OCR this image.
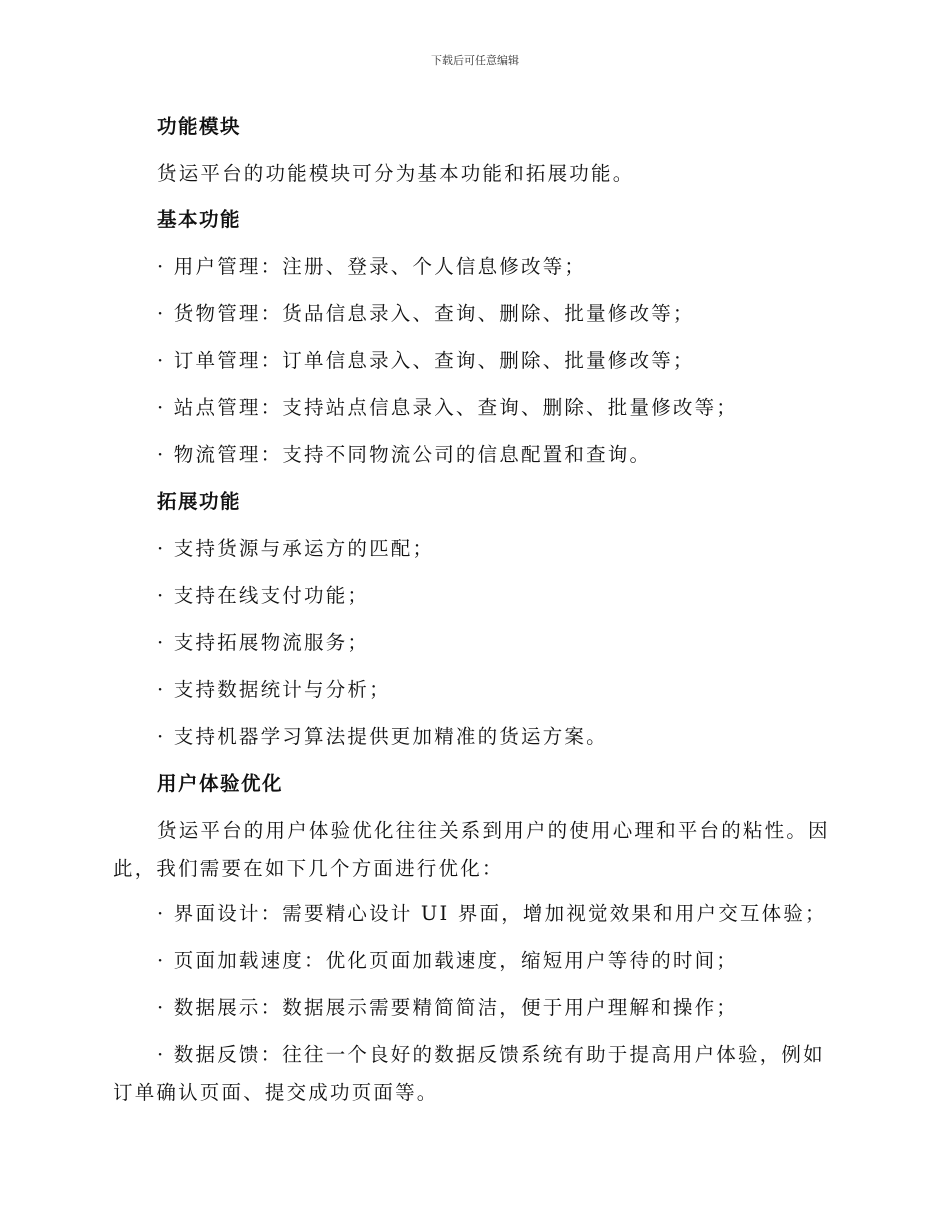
下载后可任意编辑
功能模块
货运平台的功能模块可分为基本功能和拓展功能。
基本功能
· 用户管理：注册、登录、个人信息修改等；
· 货物管理：货品信息录入、查询、删除、批量修改等；
· 订单管理：订单信息录入、查询、删除、批量修改等；
· 站点管理：支持站点信息录入、查询、删除、批量修改等；
· 物流管理：支持不同物流公司的信息配置和查询。
拓展功能
· 支持货源与承运方的匹配；
· 支持在线支付功能；
· 支持拓展物流服务；
· 支持数据统计与分析；
· 支持机器学习算法提供更加精准的货运方案。
用户体验优化
货运平台的用户体验优化往往关系到用户的使用心理和平台的粘性。因
此，我们需要在如下几个方面进行优化：
· 界面设计：需要精心设计 UI 界面，增加视觉效果和用户交互体验；
· 页面加载速度：优化页面加载速度，缩短用户等待的时间；
· 数据展示：数据展示需要精简简洁，便于用户理解和操作；
· 数据反馈：往往一个良好的数据反馈系统有助于提高用户体验，例如
订单确认页面、提交成功页面等。
